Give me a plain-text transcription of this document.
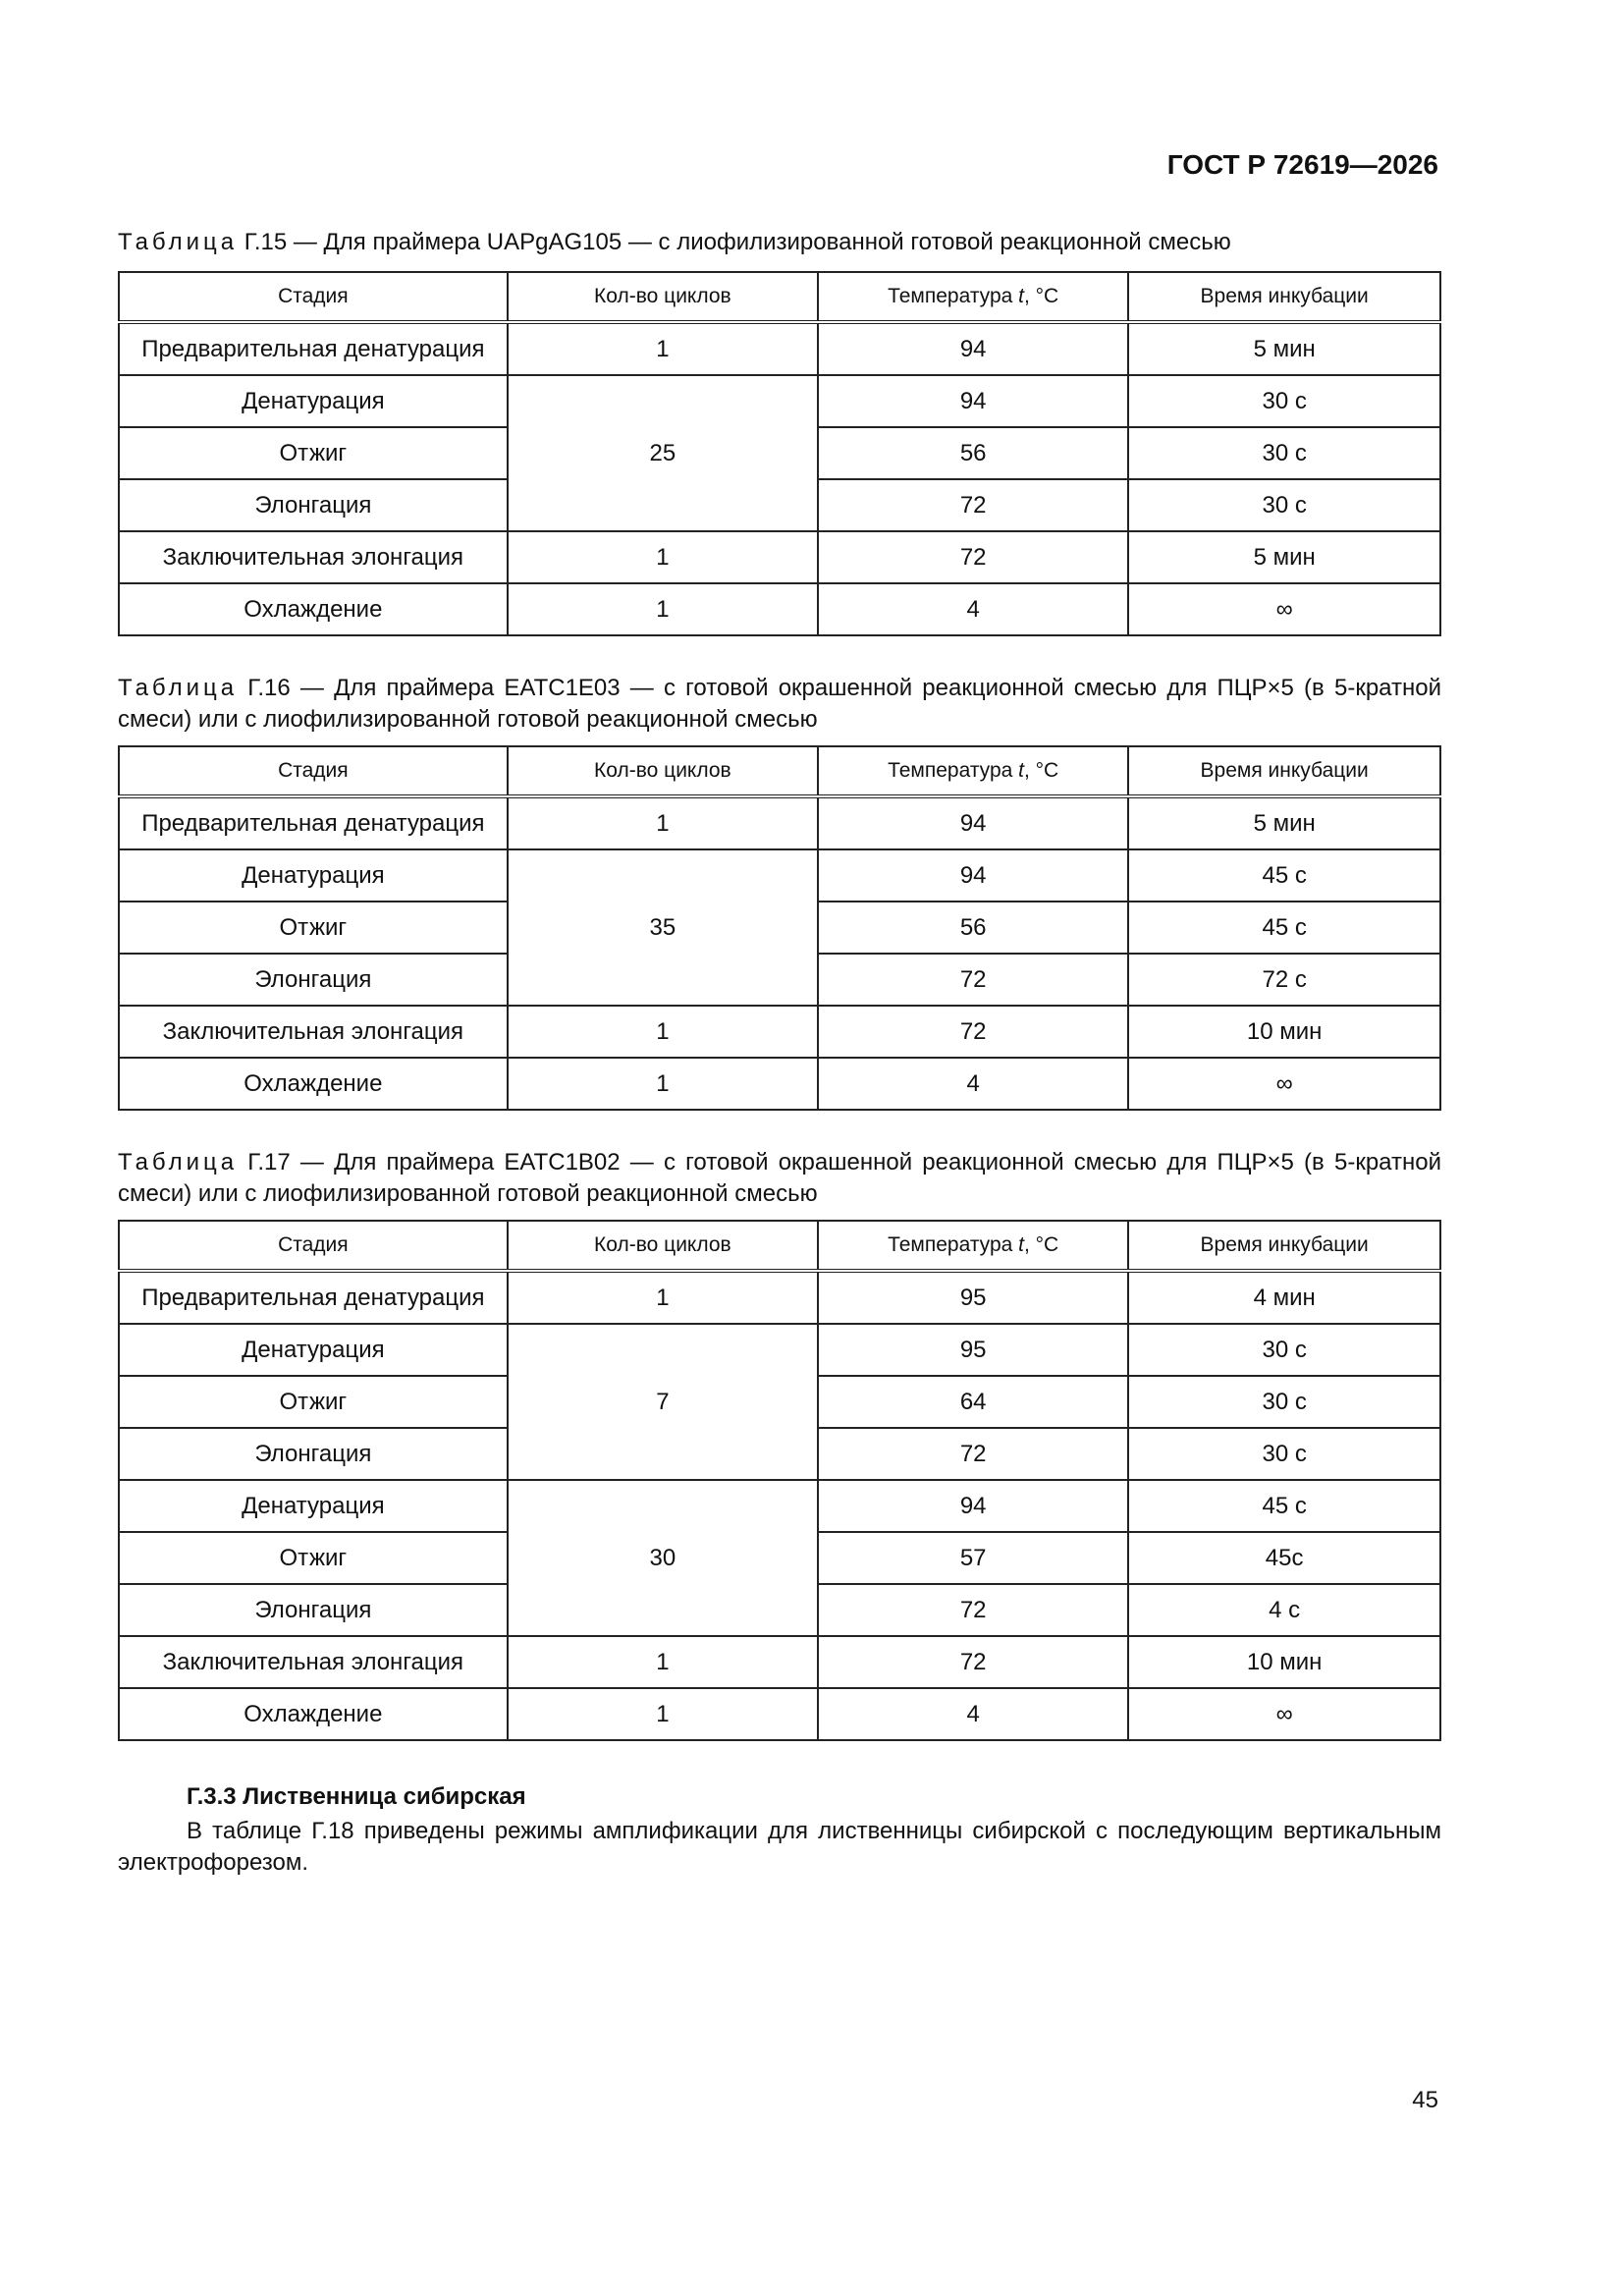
ГОСТ Р 72619—2026
Таблица Г.15 — Для праймера UAPgAG105 — с лиофилизированной готовой реакционной смесью
Стадия	Кол-во циклов	Температура t, °С	Время инкубации
Предварительная денатурация	1	94	5 мин
Денатурация	25	94	30 с
Отжиг		56	30 с
Элонгация		72	30 с
Заключительная элонгация	1	72	5 мин
Охлаждение	1	4	∞
Таблица Г.16 — Для праймера EATC1E03 — с готовой окрашенной реакционной смесью для ПЦР×5 (в 5-кратной смеси) или с лиофилизированной готовой реакционной смесью
Стадия	Кол-во циклов	Температура t, °С	Время инкубации
Предварительная денатурация	1	94	5 мин
Денатурация	35	94	45 с
Отжиг		56	45 с
Элонгация		72	72 с
Заключительная элонгация	1	72	10 мин
Охлаждение	1	4	∞
Таблица Г.17 — Для праймера EATC1B02 — с готовой окрашенной реакционной смесью для ПЦР×5 (в 5-кратной смеси) или с лиофилизированной готовой реакционной смесью
Стадия	Кол-во циклов	Температура t, °С	Время инкубации
Предварительная денатурация	1	95	4 мин
Денатурация	7	95	30 с
Отжиг		64	30 с
Элонгация		72	30 с
Денатурация	30	94	45 с
Отжиг		57	45с
Элонгация		72	4 с
Заключительная элонгация	1	72	10 мин
Охлаждение	1	4	∞
Г.3.3 Лиственница сибирская
В таблице Г.18 приведены режимы амплификации для лиственницы сибирской с последующим вертикальным электрофорезом.
45
